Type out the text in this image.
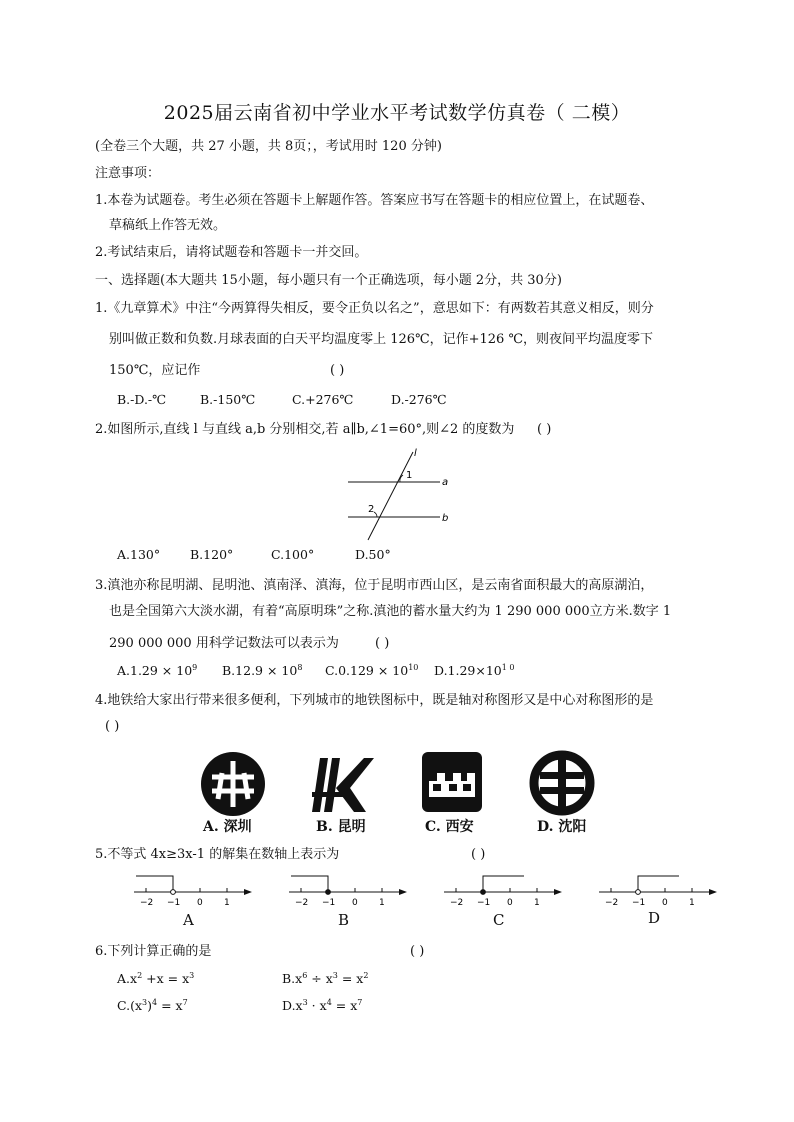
2025届云南省初中学业水平考试数学仿真卷（ 二模）
(全卷三个大题，共 27 小题，共 8页；，考试用时 120 分钟)
注意事项：
1.本卷为试题卷。考生必须在答题卡上解题作答。答案应书写在答题卡的相应位置上，在试题卷、
草稿纸上作答无效。
2.考试结束后，请将试题卷和答题卡一并交回。
一、选择题(本大题共 15小题，每小题只有一个正确选项，每小题 2分，共 30分)
1.《九章算术》中注“今两算得失相反，要令正负以名之”，意思如下：有两数若其意义相反，则分
别叫做正数和负数.月球表面的白天平均温度零上 126℃，记作+126 ℃，则夜间平均温度零下
150℃，应记作	( )
B.-D.-℃	B.-150℃	C.+276℃	D.-276℃
2.如图所示,直线 l 与直线 a,b 分别相交,若 a∥b,∠1=60°,则∠2 的度数为 ( )
l
a
b
1
2
A.130° B.120°	C.100°	D.50°
3.滇池亦称昆明湖、昆明池、滇南泽、滇海，位于昆明市西山区，是云南省面积最大的高原湖泊，
也是全国第六大淡水湖，有着“高原明珠”之称.滇池的蓄水量大约为 1 290 000 000立方米.数字 1
290 000 000 用科学记数法可以表示为	( )
$A.1.29 \times 10^9$ $B.12.9 \times 10^8$ $C.0.129 \times 10^{10}$ $D.1.29\times 10^{1 0}$
4.地铁给大家出行带来很多便利，下列城市的地铁图标中，既是轴对称图形又是中心对称图形的是
( )
A. 深圳	B. 昆明	C. 西安	D. 沈阳
5.不等式 4x≥3x-1 的解集在数轴上表示为	( )
−2 −1 0 1
A
−2 −1 0 1
B
−2 −1 0 1
C
−2 −1 0 1
D
6.下列计算正确的是	( )
$A.x^2 +x = x^3$	$B.x^6 \div x^3 = x^2$
$C.(x^3)^4 = x^7$	$D.x^3 \cdot x^4 = x^7$
